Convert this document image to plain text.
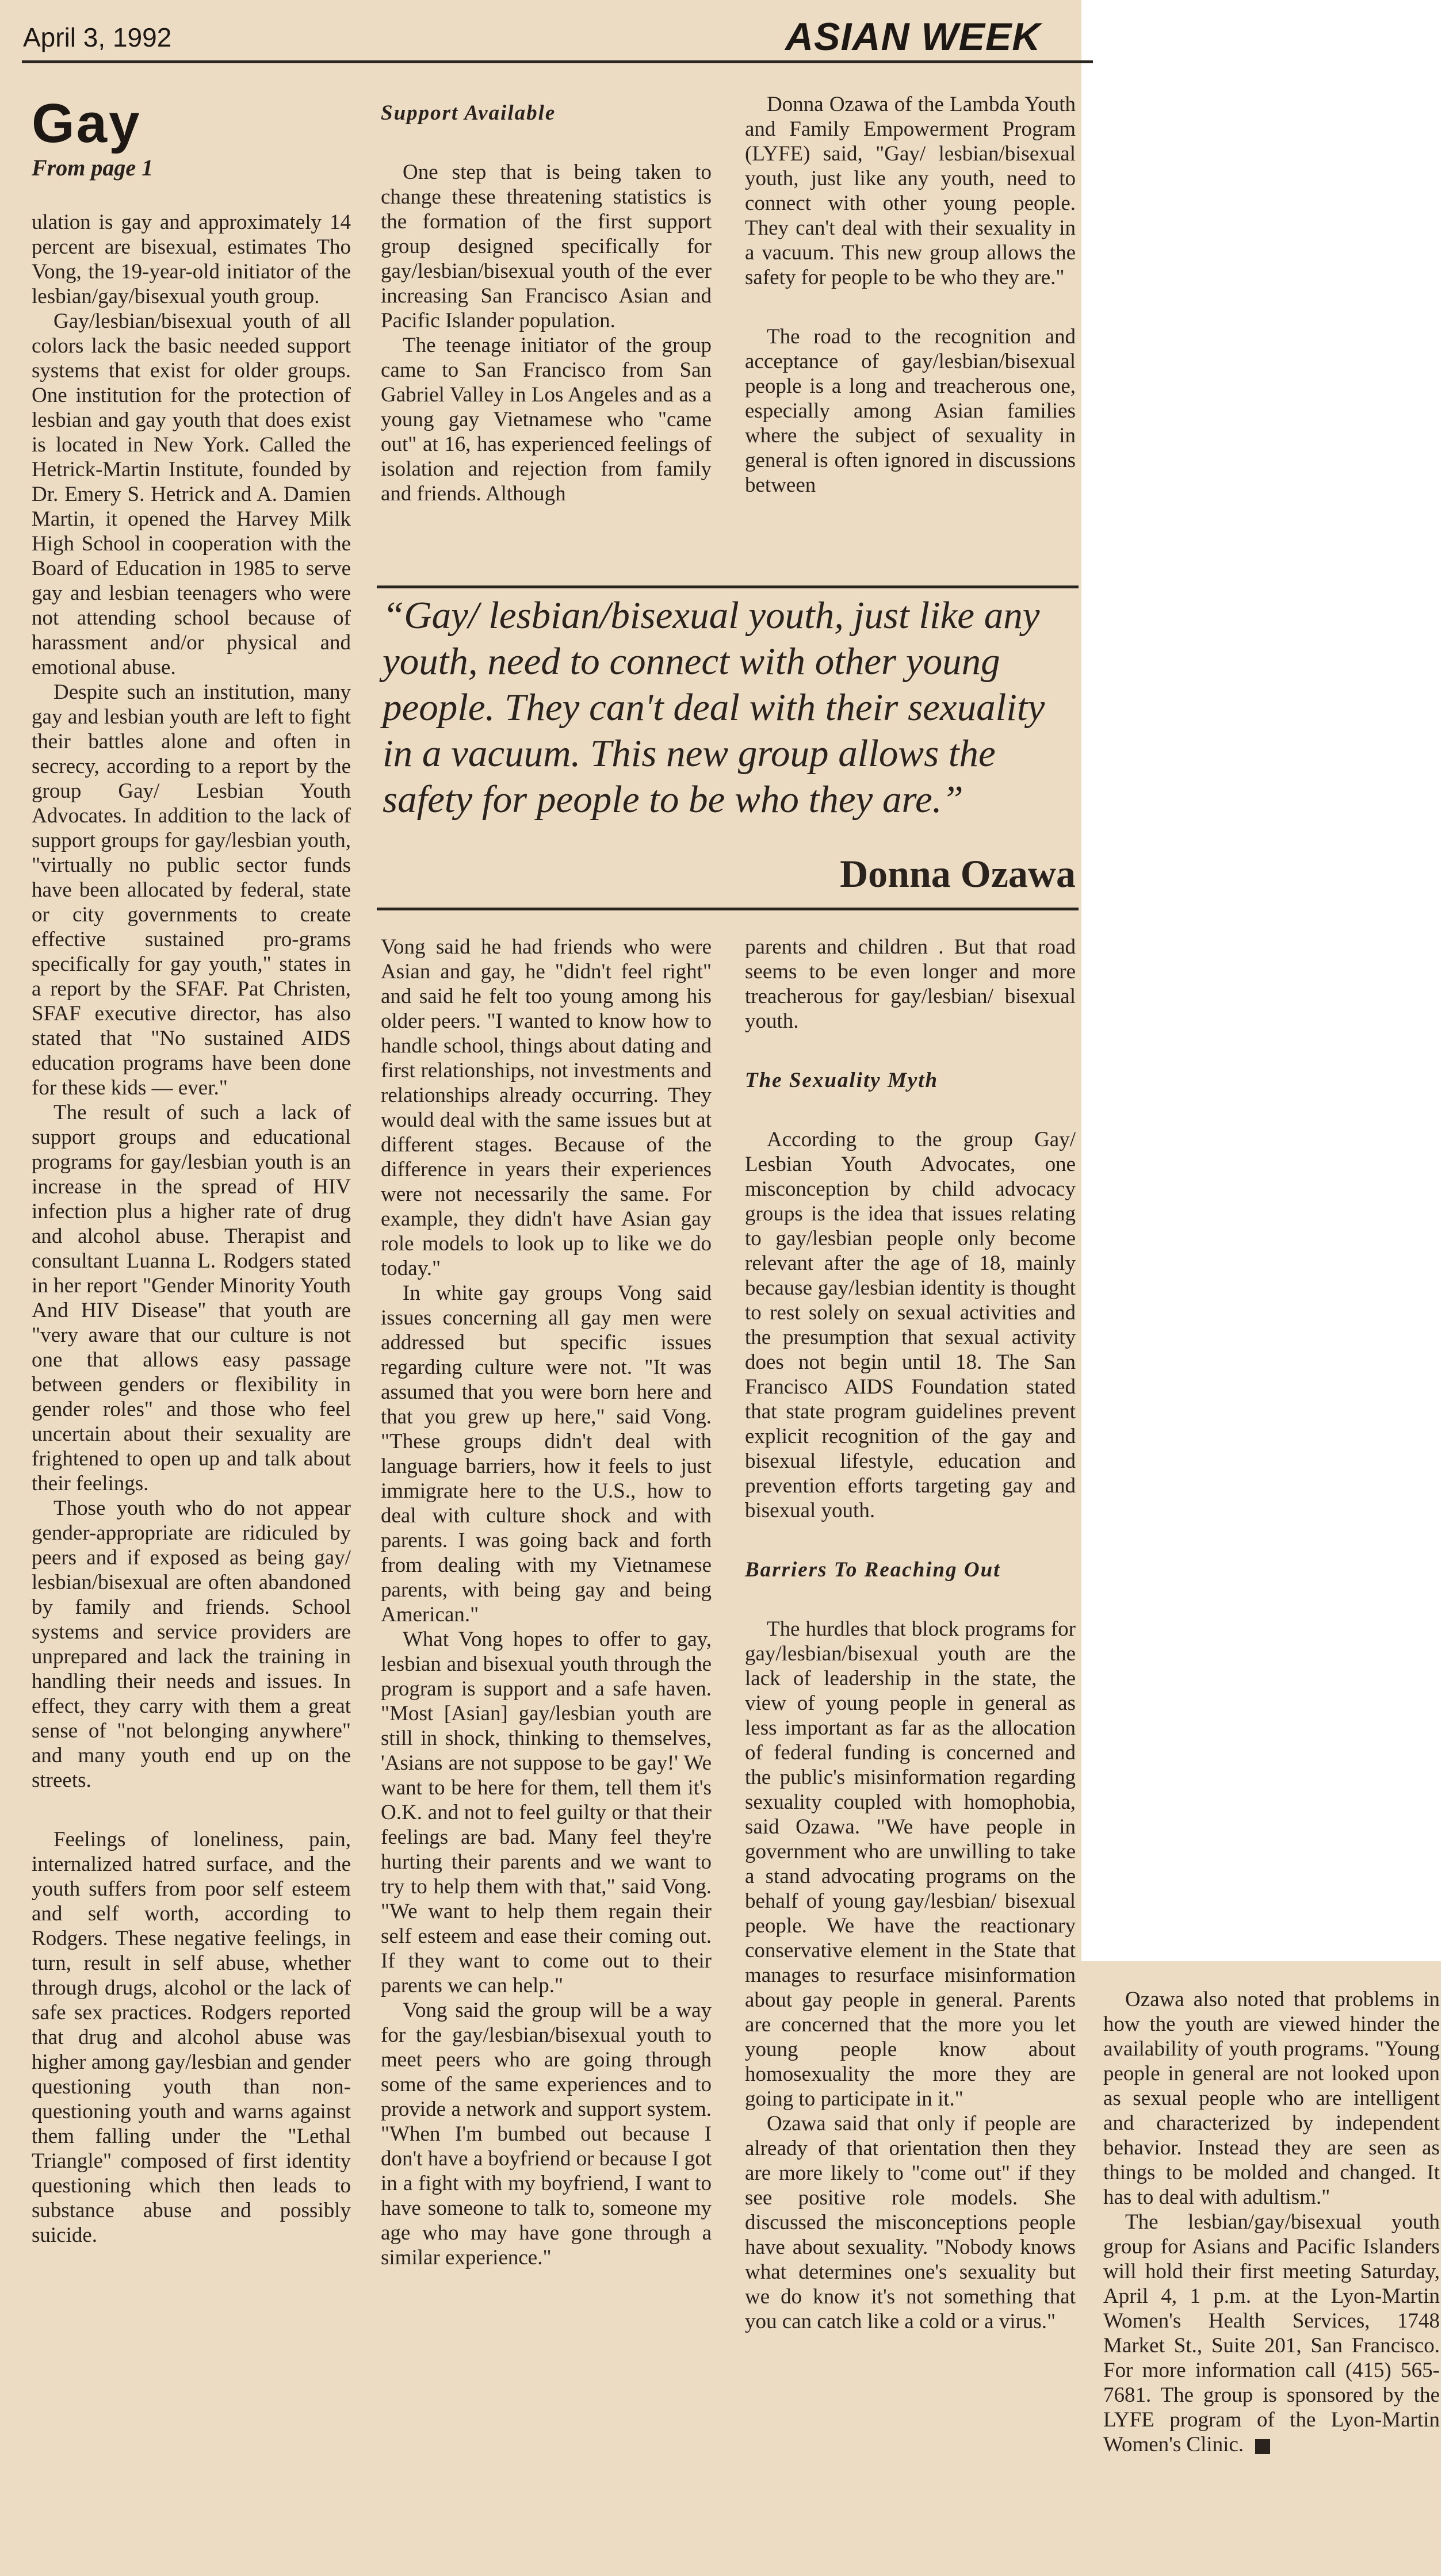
April 3, 1992	ASIAN WEEK
Gay
From page 1

ulation is gay and approximately 14 percent are bisexual, estimates Tho Vong, the 19-year-old initiator of the lesbian/gay/bisexual youth group.

Gay/lesbian/bisexual youth of all colors lack the basic needed support systems that exist for older groups. One institution for the protection of lesbian and gay youth that does exist is located in New York. Called the Hetrick-Martin Institute, founded by Dr. Emery S. Hetrick and A. Damien Martin, it opened the Harvey Milk High School in cooperation with the Board of Education in 1985 to serve gay and lesbian teenagers who were not attending school because of harassment and/or physical and emotional abuse.

Despite such an institution, many gay and lesbian youth are left to fight their battles alone and often in secrecy, according to a report by the group Gay/ Lesbian Youth Advocates. In addition to the lack of support groups for gay/lesbian youth, "virtually no public sector funds have been allocated by federal, state or city governments to create effective sustained pro-grams specifically for gay youth," states in a report by the SFAF. Pat Christen, SFAF executive director, has also stated that "No sustained AIDS education programs have been done for these kids — ever."

The result of such a lack of support groups and educational programs for gay/lesbian youth is an increase in the spread of HIV infection plus a higher rate of drug and alcohol abuse. Therapist and consultant Luanna L. Rodgers stated in her report "Gender Minority Youth And HIV Disease" that youth are "very aware that our culture is not one that allows easy passage between genders or flexibility in gender roles" and those who feel uncertain about their sexuality are frightened to open up and talk about their feelings.

Those youth who do not appear gender-appropriate are ridiculed by peers and if exposed as being gay/ lesbian/bisexual are often abandoned by family and friends. School systems and service providers are unprepared and lack the training in handling their needs and issues. In effect, they carry with them a great sense of "not belonging anywhere" and many youth end up on the streets.

Feelings of loneliness, pain, internalized hatred surface, and the youth suffers from poor self esteem and self worth, according to Rodgers. These negative feelings, in turn, result in self abuse, whether through drugs, alcohol or the lack of safe sex practices. Rodgers reported that drug and alcohol abuse was higher among gay/lesbian and gender questioning youth than non-questioning youth and warns against them falling under the "Lethal Triangle" composed of first identity questioning which then leads to substance abuse and possibly suicide.

Support Available

One step that is being taken to change these threatening statistics is the formation of the first support group designed specifically for gay/lesbian/bisexual youth of the ever increasing San Francisco Asian and Pacific Islander population.

The teenage initiator of the group came to San Francisco from San Gabriel Valley in Los Angeles and as a young gay Vietnamese who "came out" at 16, has experienced feelings of isolation and rejection from family and friends. Although

Donna Ozawa of the Lambda Youth and Family Empowerment Program (LYFE) said, "Gay/ lesbian/bisexual youth, just like any youth, need to connect with other young people. They can't deal with their sexuality in a vacuum. This new group allows the safety for people to be who they are."

The road to the recognition and acceptance of gay/lesbian/bisexual people is a long and treacherous one, especially among Asian families where the subject of sexuality in general is often ignored in discussions between

“Gay/ lesbian/bisexual youth, just like any youth, need to connect with other young people. They can't deal with their sexuality in a vacuum. This new group allows the safety for people to be who they are.”

Donna Ozawa

Vong said he had friends who were Asian and gay, he "didn't feel right" and said he felt too young among his older peers. "I wanted to know how to handle school, things about dating and first relationships, not investments and relationships already occurring. They would deal with the same issues but at different stages. Because of the difference in years their experiences were not necessarily the same. For example, they didn't have Asian gay role models to look up to like we do today."

In white gay groups Vong said issues concerning all gay men were addressed but specific issues regarding culture were not. "It was assumed that you were born here and that you grew up here," said Vong. "These groups didn't deal with language barriers, how it feels to just immigrate here to the U.S., how to deal with culture shock and with parents. I was going back and forth from dealing with my Vietnamese parents, with being gay and being American."

What Vong hopes to offer to gay, lesbian and bisexual youth through the program is support and a safe haven. "Most [Asian] gay/lesbian youth are still in shock, thinking to themselves, 'Asians are not suppose to be gay!' We want to be here for them, tell them it's O.K. and not to feel guilty or that their feelings are bad. Many feel they're hurting their parents and we want to try to help them with that," said Vong. "We want to help them regain their self esteem and ease their coming out. If they want to come out to their parents we can help."

Vong said the group will be a way for the gay/lesbian/bisexual youth to meet peers who are going through some of the same experiences and to provide a network and support system. "When I'm bumbed out because I don't have a boyfriend or because I got in a fight with my boyfriend, I want to have someone to talk to, someone my age who may have gone through a similar experience."

parents and children . But that road seems to be even longer and more treacherous for gay/lesbian/ bisexual youth.

The Sexuality Myth

According to the group Gay/ Lesbian Youth Advocates, one misconception by child advocacy groups is the idea that issues relating to gay/lesbian people only become relevant after the age of 18, mainly because gay/lesbian identity is thought to rest solely on sexual activities and the presumption that sexual activity does not begin until 18. The San Francisco AIDS Foundation stated that state program guidelines prevent explicit recognition of the gay and bisexual lifestyle, education and prevention efforts targeting gay and bisexual youth.

Barriers To Reaching Out

The hurdles that block programs for gay/lesbian/bisexual youth are the lack of leadership in the state, the view of young people in general as less important as far as the allocation of federal funding is concerned and the public's misinformation regarding sexuality coupled with homophobia, said Ozawa. "We have people in government who are unwilling to take a stand advocating programs on the behalf of young gay/lesbian/ bisexual people. We have the reactionary conservative element in the State that manages to resurface misinformation about gay people in general. Parents are concerned that the more you let young people know about homosexuality the more they are going to participate in it."

Ozawa said that only if people are already of that orientation then they are more likely to "come out" if they see positive role models. She discussed the misconceptions people have about sexuality. "Nobody knows what determines one's sexuality but we do know it's not something that you can catch like a cold or a virus."

Ozawa also noted that problems in how the youth are viewed hinder the availability of youth programs. "Young people in general are not looked upon as sexual people who are intelligent and characterized by independent behavior. Instead they are seen as things to be molded and changed. It has to deal with adultism."

The lesbian/gay/bisexual youth group for Asians and Pacific Islanders will hold their first meeting Saturday, April 4, 1 p.m. at the Lyon-Martin Women's Health Services, 1748 Market St., Suite 201, San Francisco. For more information call (415) 565-7681. The group is sponsored by the LYFE program of the Lyon-Martin Women's Clinic.
